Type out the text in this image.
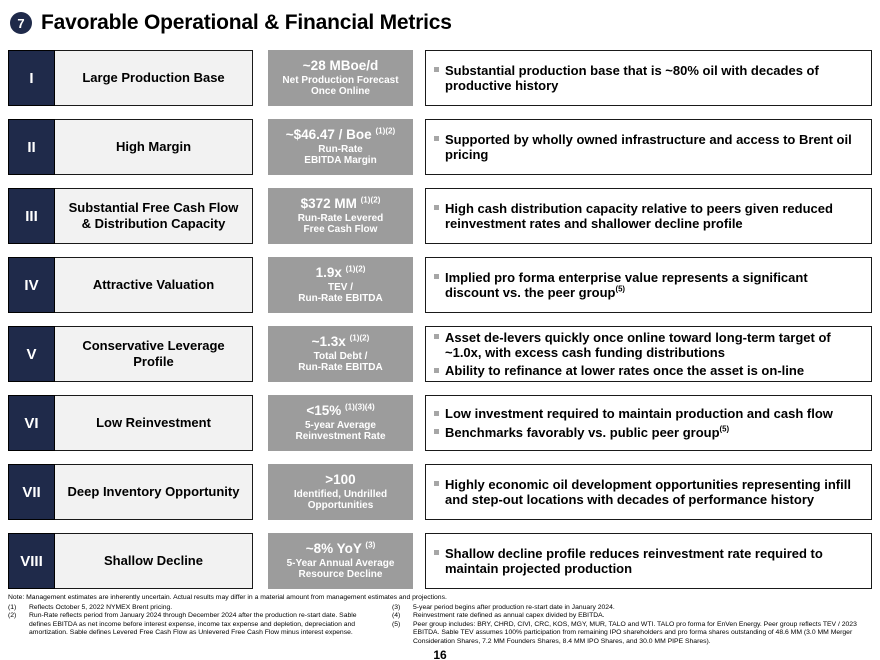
7 Favorable Operational & Financial Metrics
I	Large Production Base
~28 MBoe/d
Net Production Forecast
Once Online
Substantial production base that is ~80% oil with decades of productive history
II	High Margin
~$46.47 / Boe $^{(1)(2)}$
Run-Rate
EBITDA Margin
Supported by wholly owned infrastructure and access to Brent oil pricing
III	Substantial Free Cash Flow
& Distribution Capacity
$372 MM $^{(1)(2)}$
Run-Rate Levered
Free Cash Flow
High cash distribution capacity relative to peers given reduced reinvestment rates and shallower decline profile
IV	Attractive Valuation
1.9x $^{(1)(2)}$
TEV /
Run-Rate EBITDA
Implied pro forma enterprise value represents a significant discount vs. the peer group$^{(5)}$
V	Conservative Leverage
Profile
~1.3x $^{(1)(2)}$
Total Debt /
Run-Rate EBITDA
Asset de-levers quickly once online toward long-term target of ~1.0x, with excess cash funding distributions
Ability to refinance at lower rates once the asset is on-line
VI	Low Reinvestment
<15% $^{(1)(3)(4)}$
5-year Average
Reinvestment Rate
Low investment required to maintain production and cash flow
Benchmarks favorably vs. public peer group$^{(5)}$
VII	Deep Inventory Opportunity
>100
Identified, Undrilled
Opportunities
Highly economic oil development opportunities representing infill and step-out locations with decades of performance history
VIII	Shallow Decline
~8% YoY $^{(3)}$
5-Year Annual Average
Resource Decline
Shallow decline profile reduces reinvestment rate required to maintain projected production
Note: Management estimates are inherently uncertain. Actual results may differ in a material amount from management estimates and projections.
(1)	Reflects October 5, 2022 NYMEX Brent pricing.
(2)	Run-Rate reflects period from January 2024 through December 2024 after the production re-start date. Sable defines EBITDA as net income before interest expense, income tax expense and depletion, depreciation and amortization. Sable defines Levered Free Cash Flow as Unlevered Free Cash Flow minus interest expense.
(3)	5-year period begins after production re-start date in January 2024.
(4)	Reinvestment rate defined as annual capex divided by EBITDA.
(5)	Peer group includes: BRY, CHRD, CIVI, CRC, KOS, MGY, MUR, TALO and WTI. TALO pro forma for EnVen Energy. Peer group reflects TEV / 2023 EBITDA. Sable TEV assumes 100% participation from remaining IPO shareholders and pro forma shares outstanding of 48.6 MM (3.0 MM Merger Consideration Shares, 7.2 MM Founders Shares, 8.4 MM IPO Shares, and 30.0 MM PIPE Shares).
16
